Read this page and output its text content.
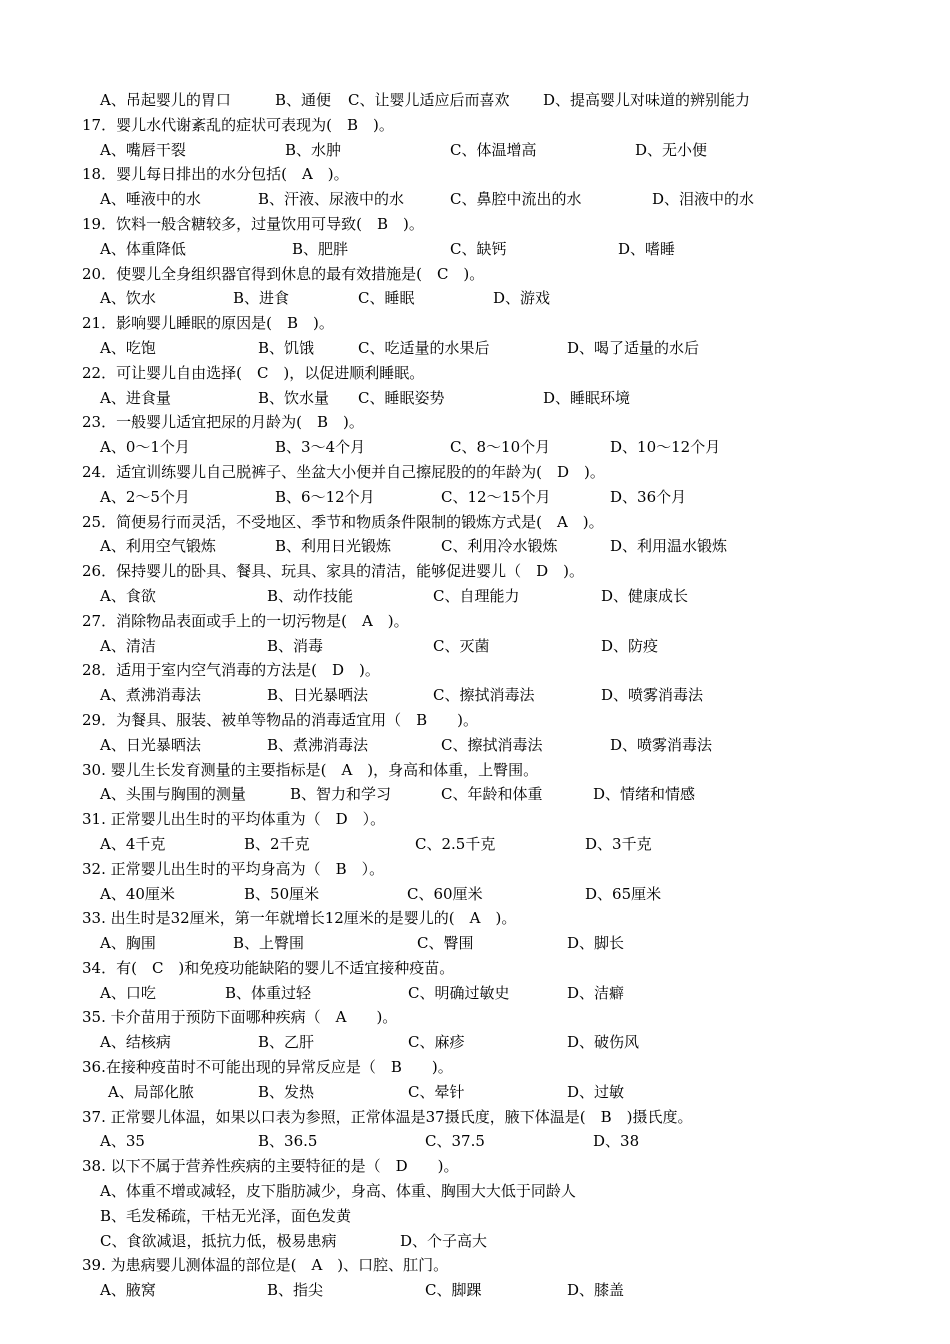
A、吊起婴儿的胃口	B、通便 C、让婴儿适应后而喜欢 D、提高婴儿对味道的辨别能力
17．婴儿水代谢紊乱的症状可表现为(　B　)。
A、嘴唇干裂	B、水肿	C、体温增高	D、无小便
18．婴儿每日排出的水分包括(　A　)。
A、唾液中的水	B、汗液、尿液中的水	C、鼻腔中流出的水	D、泪液中的水
19．饮料一般含糖较多，过量饮用可导致(　B　)。
A、体重降低	B、肥胖	C、缺钙	D、嗜睡
20．使婴儿全身组织器官得到休息的最有效措施是(　C　)。
A、饮水	B、进食	C、睡眠	D、游戏
21．影响婴儿睡眠的原因是(　B　)。
A、吃饱	B、饥饿	C、吃适量的水果后	D、喝了适量的水后
22．可让婴儿自由选择(　C　)，以促进顺利睡眠。
A、进食量	B、饮水量 C、睡眠姿势	D、睡眠环境
23．一般婴儿适宜把尿的月龄为(　B　)。
A、0～1个月	B、3～4个月	C、8～10个月	D、10～12个月
24．适宜训练婴儿自己脱裤子、坐盆大小便并自己擦屁股的的年龄为(　D　)。
A、2～5个月	B、6～12个月	C、12～15个月	D、36个月
25．简便易行而灵活，不受地区、季节和物质条件限制的锻炼方式是(　A　)。
A、利用空气锻炼	B、利用日光锻炼	C、利用冷水锻炼	D、利用温水锻炼
26．保持婴儿的卧具、餐具、玩具、家具的清洁，能够促进婴儿（　D　)。
A、食欲	B、动作技能	C、自理能力	D、健康成长
27．消除物品表面或手上的一切污物是(　A　)。
A、清洁	B、消毒	C、灭菌	D、防疫
28．适用于室内空气消毒的方法是(　D　)。
A、煮沸消毒法	B、日光暴晒法	C、擦拭消毒法	D、喷雾消毒法
29．为餐具、服装、被单等物品的消毒适宜用（　B　　)。
A、日光暴晒法	B、煮沸消毒法	C、擦拭消毒法	D、喷雾消毒法
30. 婴儿生长发育测量的主要指标是(　A　)，身高和体重，上臀围。
A、头围与胸围的测量	B、智力和学习	C、年龄和体重	D、情绪和情感
31. 正常婴儿出生时的平均体重为（　D　）。
A、4千克	B、2千克	C、2.5千克	D、3千克
32. 正常婴儿出生时的平均身高为（　B　）。
A、40厘米	B、50厘米	C、60厘米	D、65厘米
33. 出生时是32厘米，第一年就增长12厘米的是婴儿的(　A　)。
A、胸围	B、上臀围	C、臀围	D、脚长
34．有(　C　)和免疫功能缺陷的婴儿不适宜接种疫苗。
A、口吃	B、体重过轻	C、明确过敏史	D、洁癖
35. 卡介苗用于预防下面哪种疾病（　A　　)。
A、结核病	B、乙肝	C、麻疹	D、破伤风
36.在接种疫苗时不可能出现的异常反应是（　B　　)。
A、局部化脓	B、发热	C、晕针	D、过敏
37. 正常婴儿体温，如果以口表为参照，正常体温是37摄氏度，腋下体温是(　B　)摄氏度。
A、35	B、36.5	C、37.5	D、38
38. 以下不属于营养性疾病的主要特征的是（　D　　)。
A、体重不增或减轻，皮下脂肪减少，身高、体重、胸围大大低于同龄人
B、毛发稀疏，干枯无光泽，面色发黄
C、食欲减退，抵抗力低，极易患病	D、个子高大
39. 为患病婴儿测体温的部位是(　A　)、口腔、肛门。
A、腋窝	B、指尖	C、脚踝	D、膝盖
